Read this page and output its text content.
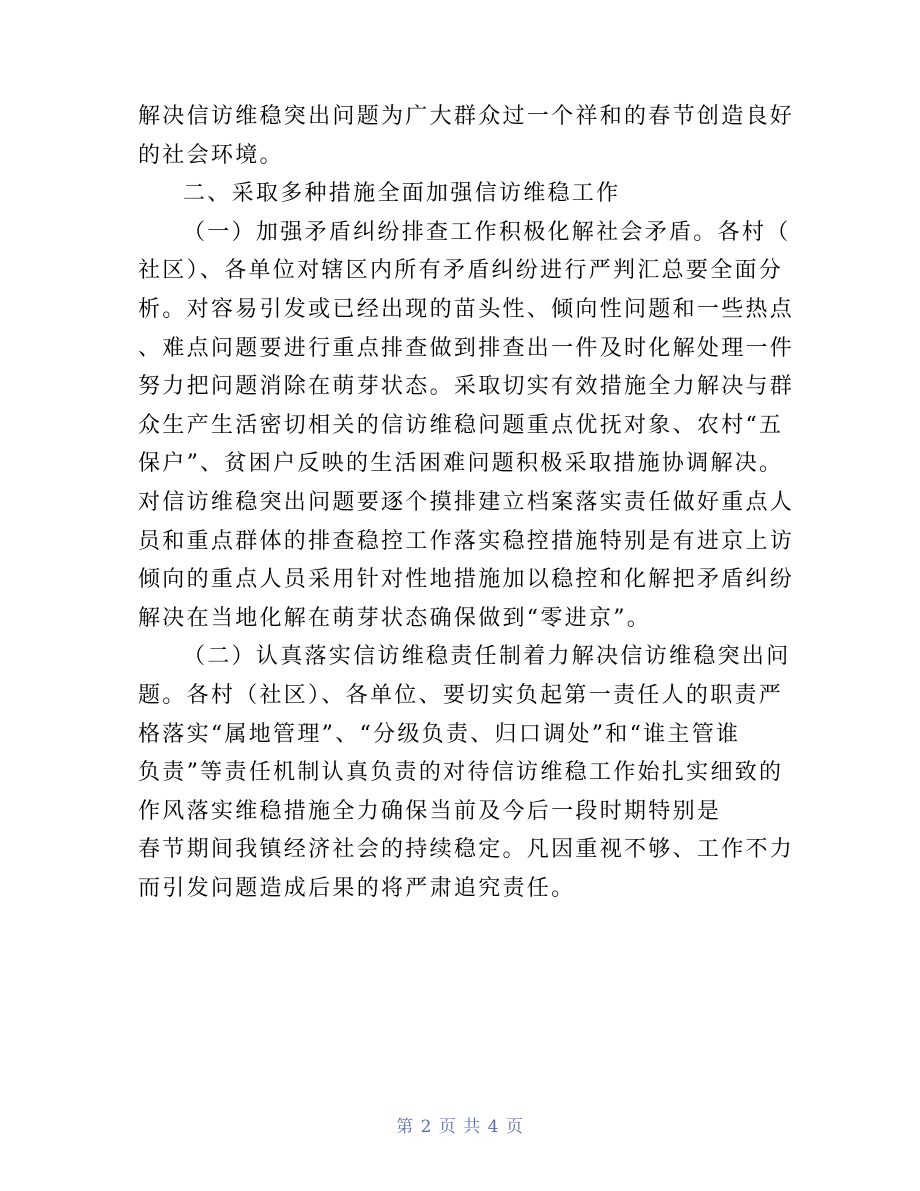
解决信访维稳突出问题为广大群众过一个祥和的春节创造良好
的社会环境。
二、采取多种措施全面加强信访维稳工作
（一）加强矛盾纠纷排查工作积极化解社会矛盾。各村（
社区）、各单位对辖区内所有矛盾纠纷进行严判汇总要全面分
析。对容易引发或已经出现的苗头性、倾向性问题和一些热点
、难点问题要进行重点排查做到排查出一件及时化解处理一件
努力把问题消除在萌芽状态。采取切实有效措施全力解决与群
众生产生活密切相关的信访维稳问题重点优抚对象、农村“五
保户”、贫困户反映的生活困难问题积极采取措施协调解决。
对信访维稳突出问题要逐个摸排建立档案落实责任做好重点人
员和重点群体的排查稳控工作落实稳控措施特别是有进京上访
倾向的重点人员采用针对性地措施加以稳控和化解把矛盾纠纷
解决在当地化解在萌芽状态确保做到“零进京”。
（二）认真落实信访维稳责任制着力解决信访维稳突出问
题。各村（社区）、各单位、要切实负起第一责任人的职责严
格落实“属地管理”、“分级负责、归口调处”和“谁主管谁
负责”等责任机制认真负责的对待信访维稳工作始扎实细致的
作风落实维稳措施全力确保当前及今后一段时期特别是
春节期间我镇经济社会的持续稳定。凡因重视不够、工作不力
而引发问题造成后果的将严肃追究责任。
第 2 页 共 4 页
